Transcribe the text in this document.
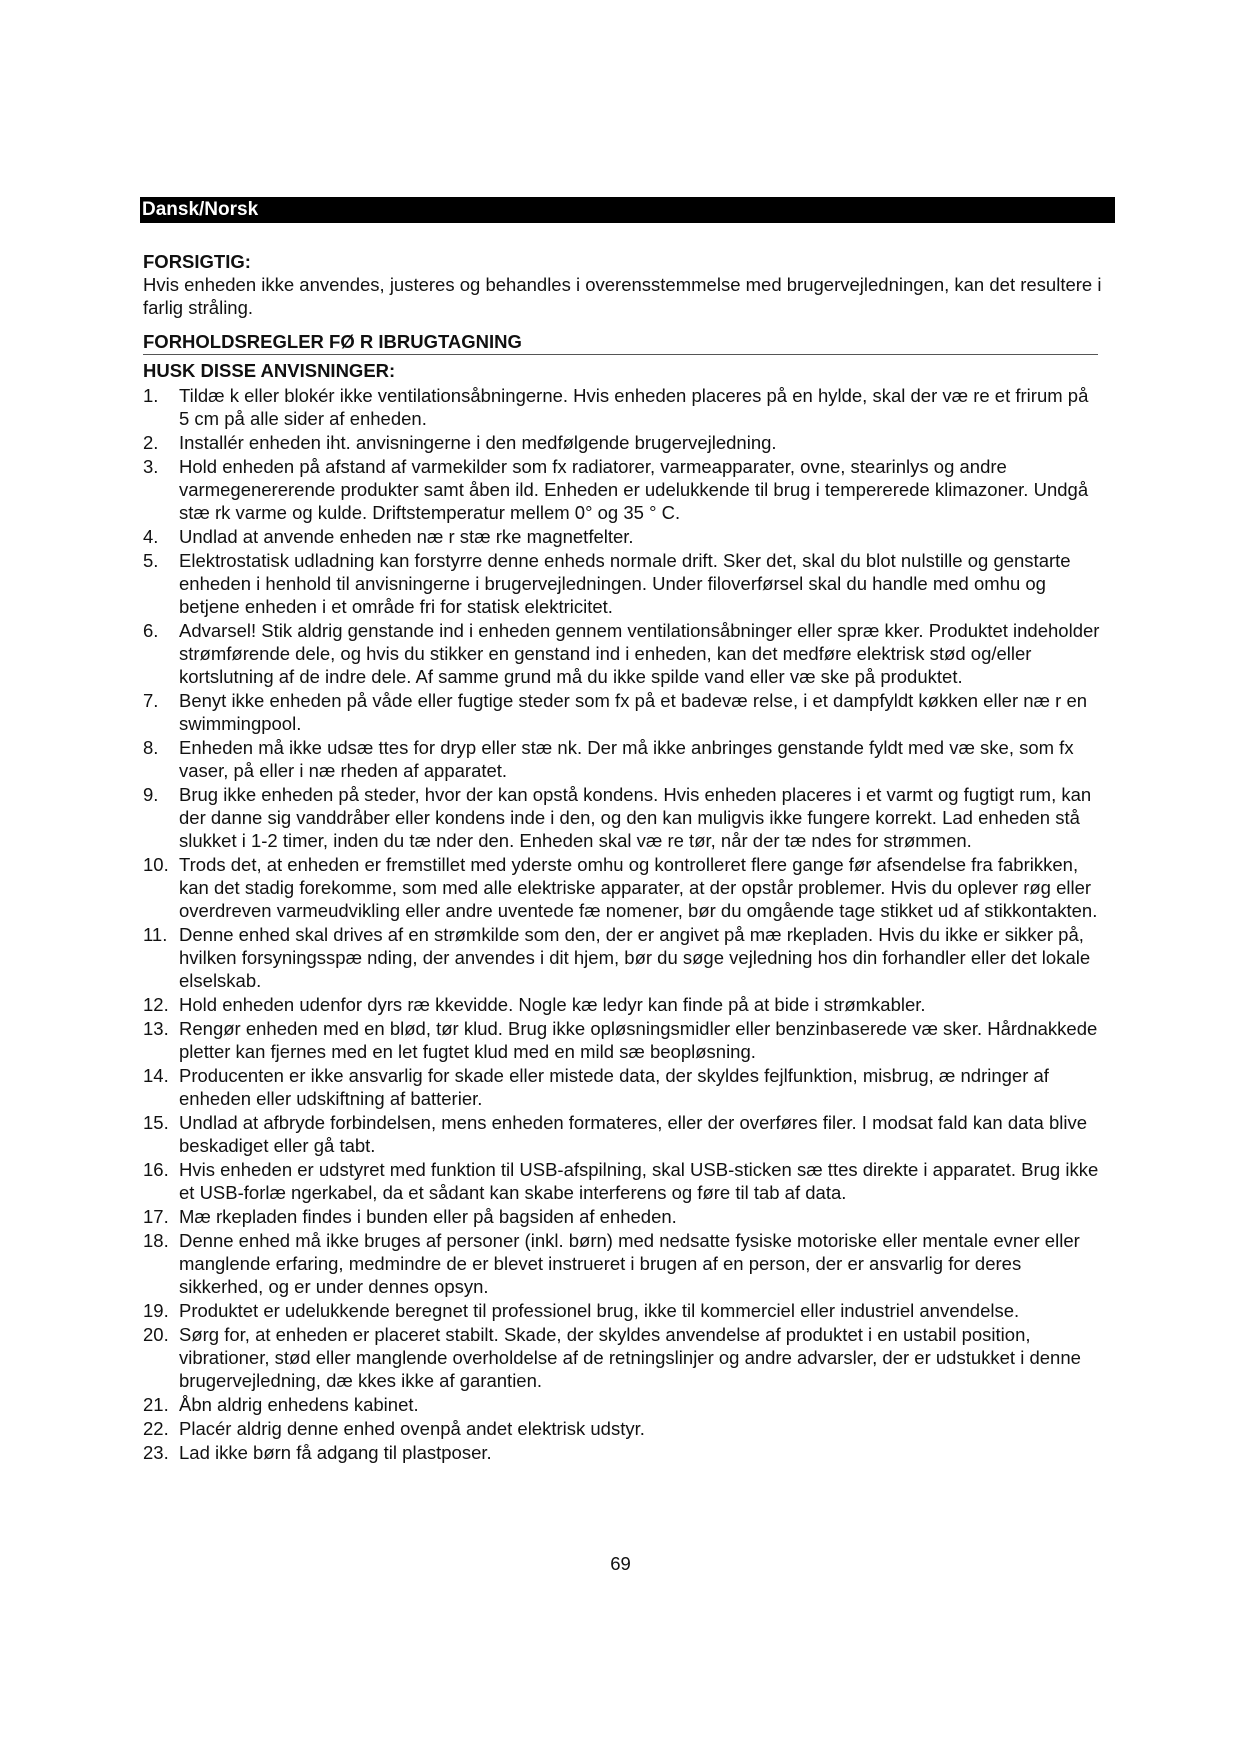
Dansk/Norsk
FORSIGTIG:

Hvis enheden ikke anvendes, justeres og behandles i overensstemmelse med brugervejledningen, kan det resultere i farlig stråling.

FORHOLDSREGLER FØ R IBRUGTAGNING
HUSK DISSE ANVISNINGER:
1. Tildæ k eller blokér ikke ventilationsåbningerne. Hvis enheden placeres på en hylde, skal der væ re et frirum på 5 cm på alle sider af enheden.
2. Installér enheden iht. anvisningerne i den medfølgende brugervejledning.
3. Hold enheden på afstand af varmekilder som fx radiatorer, varmeapparater, ovne, stearinlys og andre varmegenererende produkter samt åben ild. Enheden er udelukkende til brug i tempererede klimazoner. Undgå stæ rk varme og kulde. Driftstemperatur mellem 0° og 35 ° C.
4. Undlad at anvende enheden næ r stæ rke magnetfelter.
5. Elektrostatisk udladning kan forstyrre denne enheds normale drift. Sker det, skal du blot nulstille og genstarte enheden i henhold til anvisningerne i brugervejledningen. Under filoverførsel skal du handle med omhu og betjene enheden i et område fri for statisk elektricitet.
6. Advarsel! Stik aldrig genstande ind i enheden gennem ventilationsåbninger eller spræ kker. Produktet indeholder strømførende dele, og hvis du stikker en genstand ind i enheden, kan det medføre elektrisk stød og/eller kortslutning af de indre dele. Af samme grund må du ikke spilde vand eller væ ske på produktet.
7. Benyt ikke enheden på våde eller fugtige steder som fx på et badevæ relse, i et dampfyldt køkken eller næ r en swimmingpool.
8. Enheden må ikke udsæ ttes for dryp eller stæ nk. Der må ikke anbringes genstande fyldt med væ ske, som fx vaser, på eller i næ rheden af apparatet.
9. Brug ikke enheden på steder, hvor der kan opstå kondens. Hvis enheden placeres i et varmt og fugtigt rum, kan der danne sig vanddråber eller kondens inde i den, og den kan muligvis ikke fungere korrekt. Lad enheden stå slukket i 1-2 timer, inden du tæ nder den. Enheden skal væ re tør, når der tæ ndes for strømmen.
10. Trods det, at enheden er fremstillet med yderste omhu og kontrolleret flere gange før afsendelse fra fabrikken, kan det stadig forekomme, som med alle elektriske apparater, at der opstår problemer. Hvis du oplever røg eller overdreven varmeudvikling eller andre uventede fæ nomener, bør du omgående tage stikket ud af stikkontakten.
11. Denne enhed skal drives af en strømkilde som den, der er angivet på mæ rkepladen. Hvis du ikke er sikker på, hvilken forsyningsspæ nding, der anvendes i dit hjem, bør du søge vejledning hos din forhandler eller det lokale elselskab.
12. Hold enheden udenfor dyrs ræ kkevidde. Nogle kæ ledyr kan finde på at bide i strømkabler.
13. Rengør enheden med en blød, tør klud. Brug ikke opløsningsmidler eller benzinbaserede væ sker. Hårdnakkede pletter kan fjernes med en let fugtet klud med en mild sæ beopløsning.
14. Producenten er ikke ansvarlig for skade eller mistede data, der skyldes fejlfunktion, misbrug, æ ndringer af enheden eller udskiftning af batterier.
15. Undlad at afbryde forbindelsen, mens enheden formateres, eller der overføres filer. I modsat fald kan data blive beskadiget eller gå tabt.
16. Hvis enheden er udstyret med funktion til USB-afspilning, skal USB-sticken sæ ttes direkte i apparatet. Brug ikke et USB-forlæ ngerkabel, da et sådant kan skabe interferens og føre til tab af data.
17. Mæ rkepladen findes i bunden eller på bagsiden af enheden.
18. Denne enhed må ikke bruges af personer (inkl. børn) med nedsatte fysiske motoriske eller mentale evner eller manglende erfaring, medmindre de er blevet instrueret i brugen af en person, der er ansvarlig for deres sikkerhed, og er under dennes opsyn.
19. Produktet er udelukkende beregnet til professionel brug, ikke til kommerciel eller industriel anvendelse.
20. Sørg for, at enheden er placeret stabilt. Skade, der skyldes anvendelse af produktet i en ustabil position, vibrationer, stød eller manglende overholdelse af de retningslinjer og andre advarsler, der er udstukket i denne brugervejledning, dæ kkes ikke af garantien.
21. Åbn aldrig enhedens kabinet.
22. Placér aldrig denne enhed ovenpå andet elektrisk udstyr.
23. Lad ikke børn få adgang til plastposer.
69
